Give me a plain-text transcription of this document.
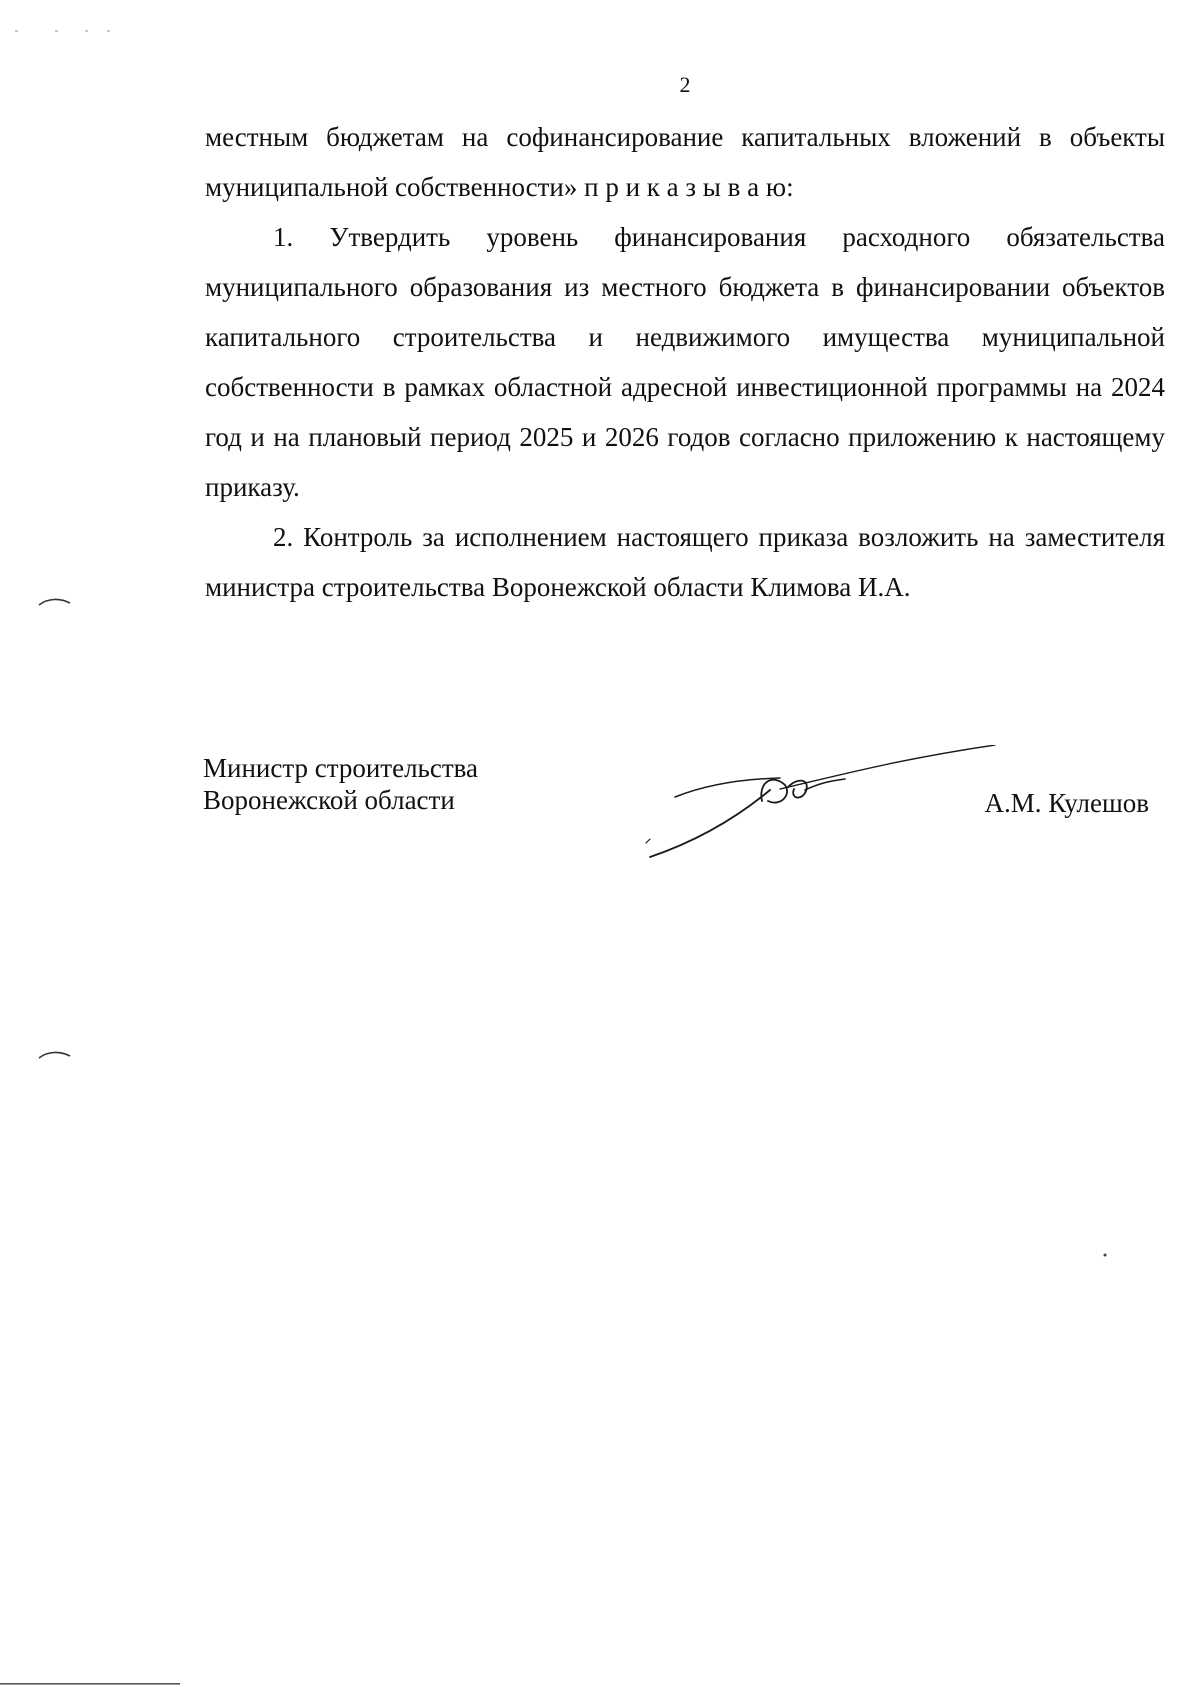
2

местным бюджетам на софинансирование капитальных вложений в объекты муниципальной собственности» п р и к а з ы в а ю:

1. Утвердить уровень финансирования расходного обязательства муниципального образования из местного бюджета в финансировании объектов капитального строительства и недвижимого имущества муниципальной собственности в рамках областной адресной инвестиционной программы на 2024 год и на плановый период 2025 и 2026 годов согласно приложению к настоящему приказу.

2. Контроль за исполнением настоящего приказа возложить на заместителя министра строительства Воронежской области Климова И.А.

Министр строительства
Воронежской области	А.М. Кулешов
